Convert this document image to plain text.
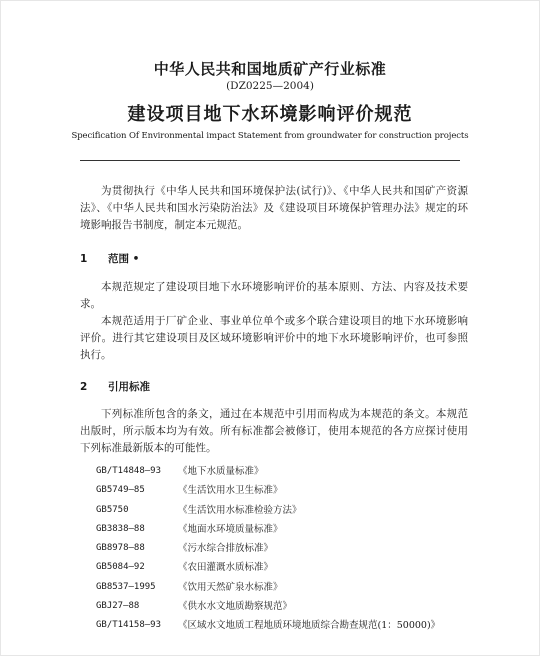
中华人民共和国地质矿产行业标准
(DZ0225—2004)
建设项目地下水环境影响评价规范
Specification Of Environmental impact Statement from groundwater for construction projects

为贯彻执行《中华人民共和国环境保护法(试行)》、《中华人民共和国矿产资源法》、《中华人民共和国水污染防治法》及《建设项目环境保护管理办法》规定的环境影响报告书制度，制定本元规范。

1 范围 •

本规范规定了建设项目地下水环境影响评价的基本原则、方法、内容及技术要求。

本规范适用于厂矿企业、事业单位单个或多个联合建设项目的地下水环境影响评价。进行其它建设项目及区域环境影响评价中的地下水环境影响评价，也可参照执行。

2 引用标准

下列标准所包含的条文，通过在本规范中引用而构成为本规范的条文。本规范出版时，所示版本均为有效。所有标准都会被修订，使用本规范的各方应探讨使用下列标准最新版本的可能性。

GB/T14848—93	《地下水质量标准》
GB5749—85	《生活饮用水卫生标准》
GB5750	《生活饮用水标准检验方法》
GB3838—88	《地面水环境质量标准》
GB8978—88	《污水综合排放标准》
GB5084—92	《农田灌溉水质标准》
GB8537—1995	《饮用天然矿泉水标准》
GBJ27—88	《供水水文地质勘察规范》
GB/T14158—93	《区域水文地质工程地质环境地质综合勘查规范(1：50000)》
